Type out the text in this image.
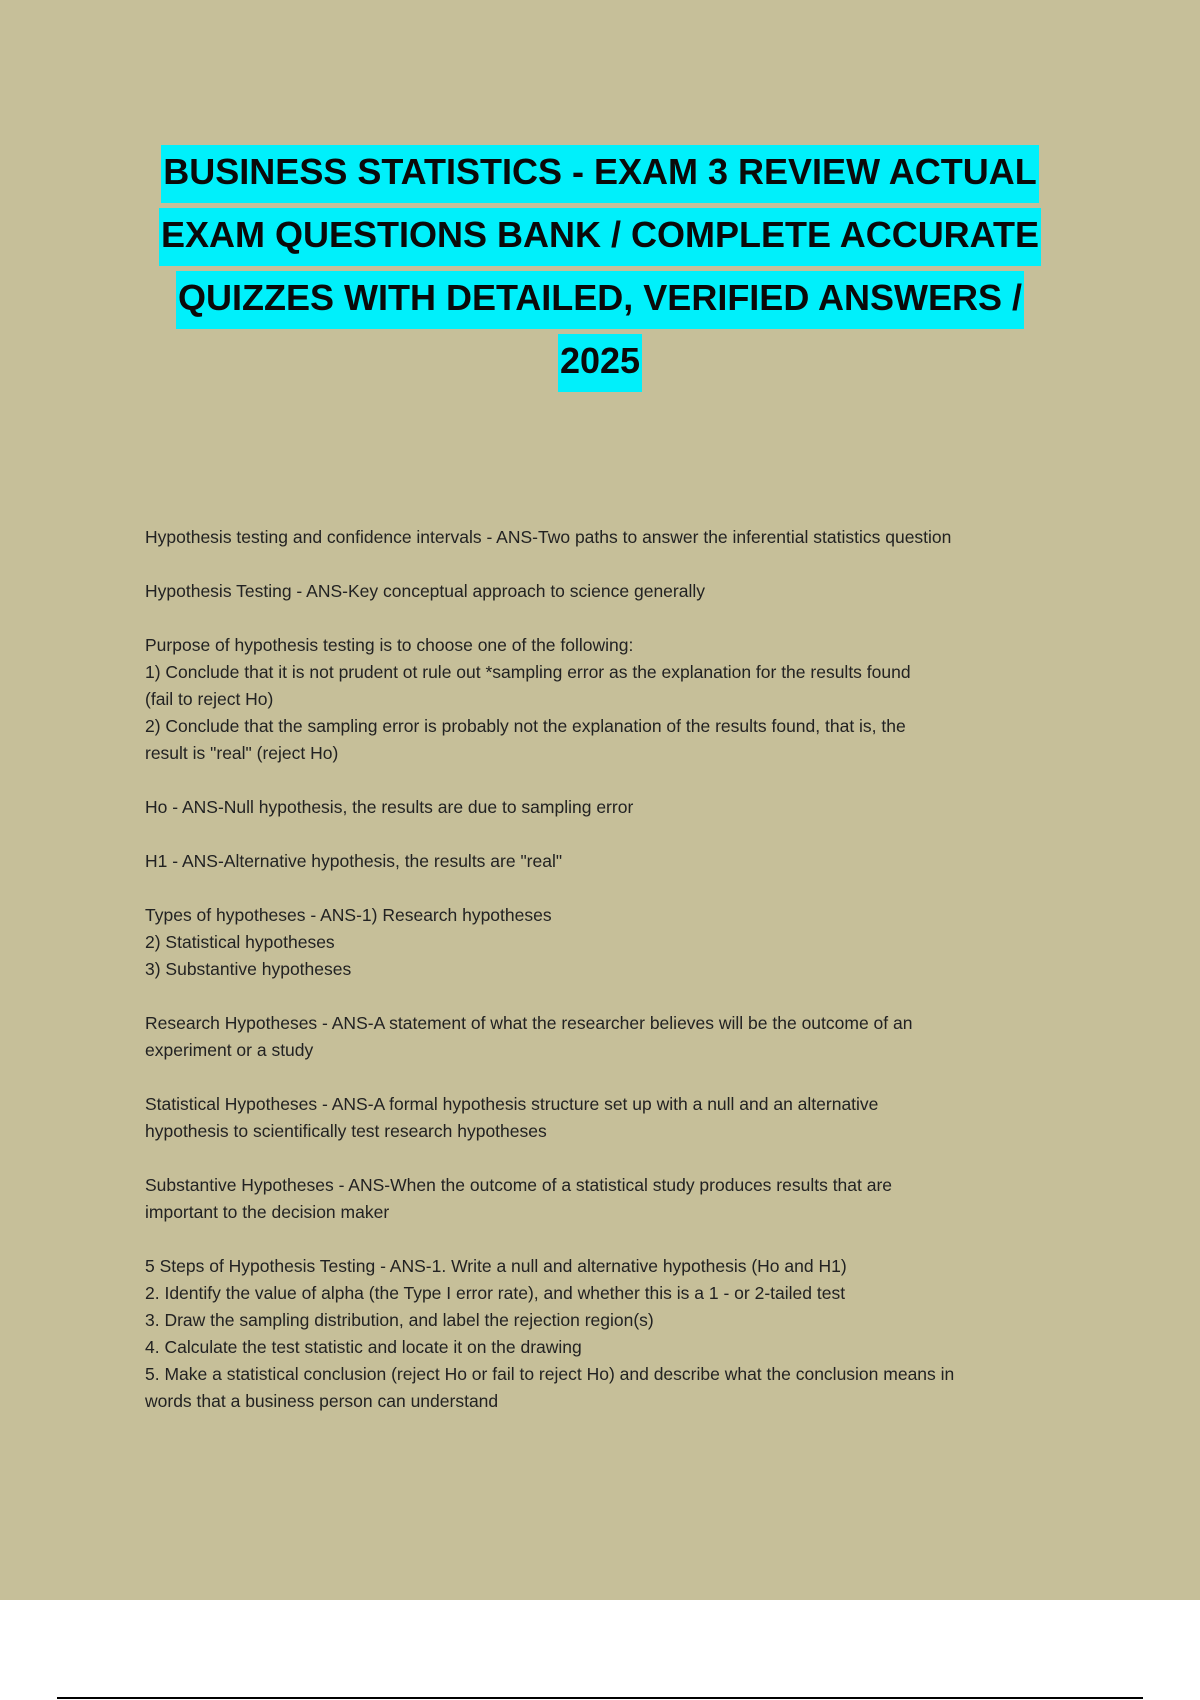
BUSINESS STATISTICS - EXAM 3 REVIEW ACTUAL
EXAM QUESTIONS BANK / COMPLETE ACCURATE
QUIZZES WITH DETAILED, VERIFIED ANSWERS /
2025

Hypothesis testing and confidence intervals - ANS-Two paths to answer the inferential statistics question

Hypothesis Testing - ANS-Key conceptual approach to science generally

Purpose of hypothesis testing is to choose one of the following:

1) Conclude that it is not prudent ot rule out *sampling error as the explanation for the results found

(fail to reject Ho)

2) Conclude that the sampling error is probably not the explanation of the results found, that is, the

result is "real" (reject Ho)

Ho - ANS-Null hypothesis, the results are due to sampling error

H1 - ANS-Alternative hypothesis, the results are "real"

Types of hypotheses - ANS-1) Research hypotheses

2) Statistical hypotheses

3) Substantive hypotheses

Research Hypotheses - ANS-A statement of what the researcher believes will be the outcome of an

experiment or a study

Statistical Hypotheses - ANS-A formal hypothesis structure set up with a null and an alternative

hypothesis to scientifically test research hypotheses

Substantive Hypotheses - ANS-When the outcome of a statistical study produces results that are

important to the decision maker

5 Steps of Hypothesis Testing - ANS-1. Write a null and alternative hypothesis (Ho and H1)

2. Identify the value of alpha (the Type I error rate), and whether this is a 1 - or 2-tailed test

3. Draw the sampling distribution, and label the rejection region(s)

4. Calculate the test statistic and locate it on the drawing

5. Make a statistical conclusion (reject Ho or fail to reject Ho) and describe what the conclusion means in

words that a business person can understand
